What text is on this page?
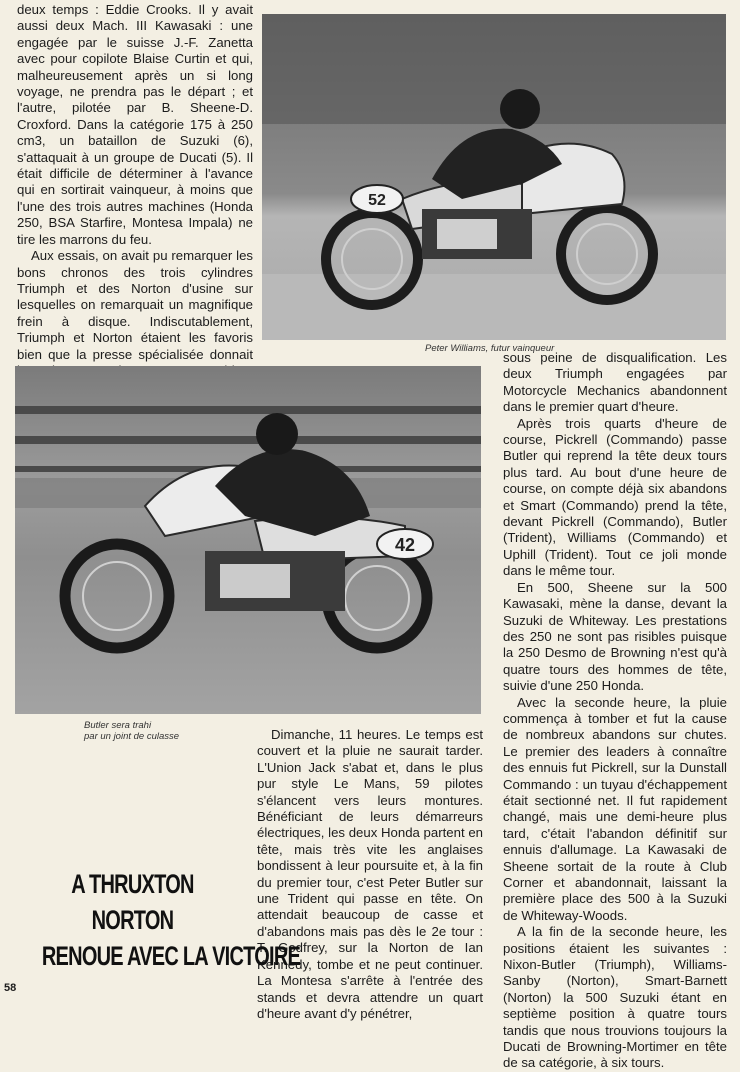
deux temps : Eddie Crooks. Il y avait aussi deux Mach. III Kawasaki : une engagée par le suisse J.-F. Zanetta avec pour copilote Blaise Curtin et qui, malheureusement après un si long voyage, ne prendra pas le départ ; et l'autre, pilotée par B. Sheene-D. Croxford. Dans la catégorie 175 à 250 cm3, un bataillon de Suzuki (6), s'attaquait à un groupe de Ducati (5). Il était difficile de déterminer à l'avance qui en sortirait vainqueur, à moins que l'une des trois autres machines (Honda 250, BSA Starfire, Montesa Impala) ne tire les marrons du feu.

Aux essais, on avait pu remarquer les bons chronos des trois cylindres Triumph et des Norton d'usine sur lesquelles on remarquait un magnifique frein à disque. Indiscutablement, Triumph et Norton étaient les favoris bien que la presse spécialisée donnait

52
Peter Williams, futur vainqueur
42
Butler sera trahi
par un joint de culasse	Dimanche, 11 heures. Le temps est couvert et la pluie ne saurait tarder. L'Union Jack s'abat et, dans le plus pur style Le Mans, 59 pilotes s'élancent vers leurs montures. Bénéficiant de leurs démarreurs électriques, les deux Honda partent en tête, mais très vite les anglaises bondissent à leur poursuite et, à la fin du premier tour, c'est Peter Butler sur une Trident qui passe en tête. On attendait beaucoup de casse et d'abandons mais pas dès le 2e tour : T. Godfrey, sur la Norton de Ian Kennedy, tombe et ne peut continuer. La Montesa s'arrête à l'entrée des stands et devra attendre un quart d'heure avant d'y pénétrer,

sous peine de disqualification. Les deux Triumph engagées par Motorcycle Mechanics abandonnent dans le premier quart d'heure.

Après trois quarts d'heure de course, Pickrell (Commando) passe Butler qui reprend la tête deux tours plus tard. Au bout d'une heure de course, on compte déjà six abandons et Smart (Commando) prend la tête, devant Pickrell (Commando), Butler (Trident), Williams (Commando) et Uphill (Trident). Tout ce joli monde dans le même tour.

En 500, Sheene sur la 500 Kawasaki, mène la danse, devant la Suzuki de Whiteway. Les prestations des 250 ne sont pas risibles puisque la 250 Desmo de Browning n'est qu'à quatre tours des hommes de tête, suivie d'une 250 Honda.

Avec la seconde heure, la pluie commença à tomber et fut la cause de nombreux abandons sur chutes. Le premier des leaders à connaître des ennuis fut Pickrell, sur la Dunstall Commando : un tuyau d'échappement était sectionné net. Il fut rapidement changé, mais une demi-heure plus tard, c'était l'abandon définitif sur ennuis d'allumage. La Kawasaki de Sheene sortait de la route à Club Corner et abandonnait, laissant la première place des 500 à la Suzuki de Whiteway-Woods.

A la fin de la seconde heure, les positions étaient les suivantes : Nixon-Butler (Triumph), Williams-Sanby (Norton), Smart-Barnett (Norton) la 500 Suzuki étant en septième position à quatre tours tandis que nous trouvions toujours la Ducati de Browning-Mortimer en tête de sa catégorie, à six tours.

A THRUXTON
NORTON
RENOUE AVEC LA VICTOIRE
58
